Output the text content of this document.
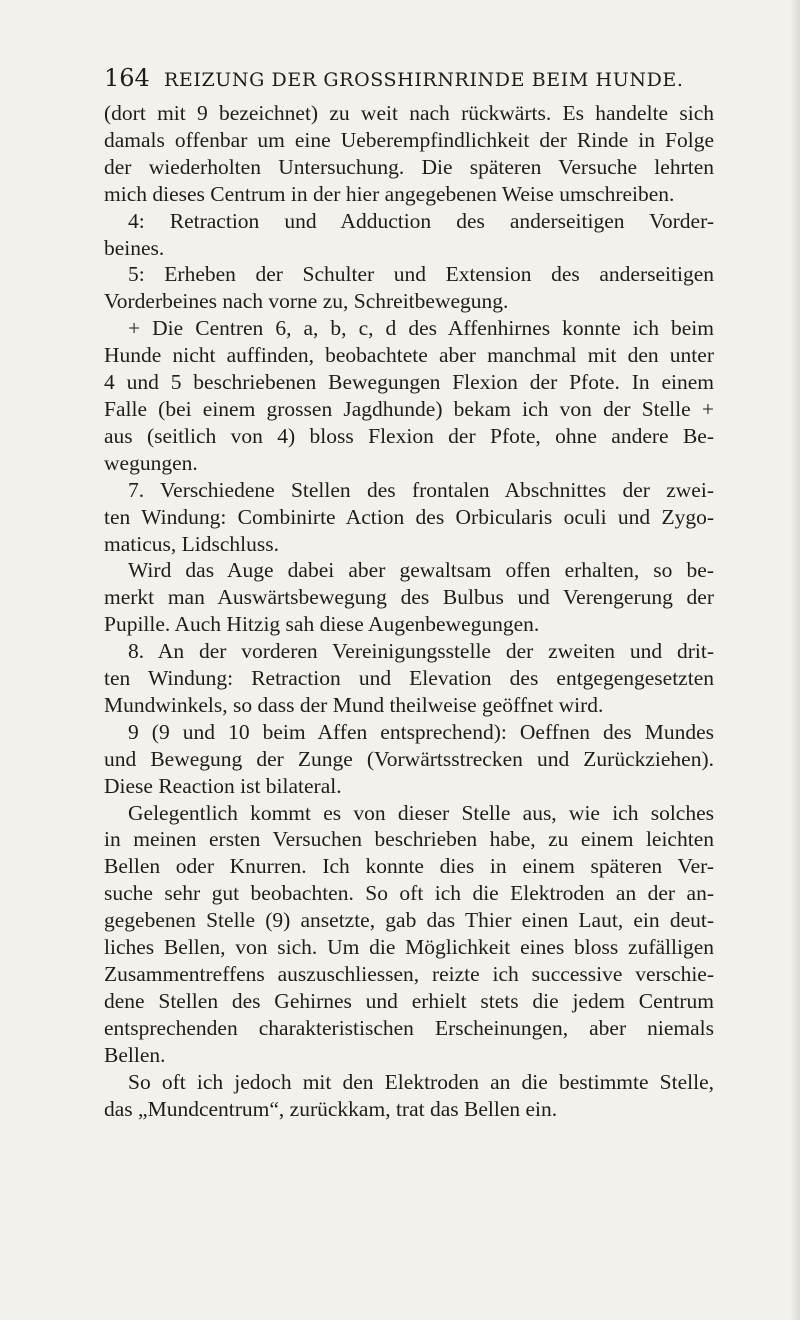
164 REIZUNG DER GROSSHIRNRINDE BEIM HUNDE.

(dort mit 9 bezeichnet) zu weit nach rückwärts. Es handelte sich
damals offenbar um eine Ueberempfindlichkeit der Rinde in Folge
der wiederholten Untersuchung. Die späteren Versuche lehrten
mich dieses Centrum in der hier angegebenen Weise umschreiben.

4: Retraction und Adduction des anderseitigen Vorder-
beines.

5: Erheben der Schulter und Extension des anderseitigen
Vorderbeines nach vorne zu, Schreitbewegung.

+ Die Centren 6, a, b, c, d des Affenhirnes konnte ich beim
Hunde nicht auffinden, beobachtete aber manchmal mit den unter
4 und 5 beschriebenen Bewegungen Flexion der Pfote. In einem
Falle (bei einem grossen Jagdhunde) bekam ich von der Stelle +
aus (seitlich von 4) bloss Flexion der Pfote, ohne andere Be-
wegungen.

7. Verschiedene Stellen des frontalen Abschnittes der zwei-
ten Windung: Combinirte Action des Orbicularis oculi und Zygo-
maticus, Lidschluss.

Wird das Auge dabei aber gewaltsam offen erhalten, so be-
merkt man Auswärtsbewegung des Bulbus und Verengerung der
Pupille. Auch Hitzig sah diese Augenbewegungen.

8. An der vorderen Vereinigungsstelle der zweiten und drit-
ten Windung: Retraction und Elevation des entgegengesetzten
Mundwinkels, so dass der Mund theilweise geöffnet wird.

9 (9 und 10 beim Affen entsprechend): Oeffnen des Mundes
und Bewegung der Zunge (Vorwärtsstrecken und Zurückziehen).
Diese Reaction ist bilateral.

Gelegentlich kommt es von dieser Stelle aus, wie ich solches
in meinen ersten Versuchen beschrieben habe, zu einem leichten
Bellen oder Knurren. Ich konnte dies in einem späteren Ver-
suche sehr gut beobachten. So oft ich die Elektroden an der an-
gegebenen Stelle (9) ansetzte, gab das Thier einen Laut, ein deut-
liches Bellen, von sich. Um die Möglichkeit eines bloss zufälligen
Zusammentreffens auszuschliessen, reizte ich successive verschie-
dene Stellen des Gehirnes und erhielt stets die jedem Centrum
entsprechenden charakteristischen Erscheinungen, aber niemals
Bellen.

So oft ich jedoch mit den Elektroden an die bestimmte Stelle,
das „Mundcentrum“, zurückkam, trat das Bellen ein.
